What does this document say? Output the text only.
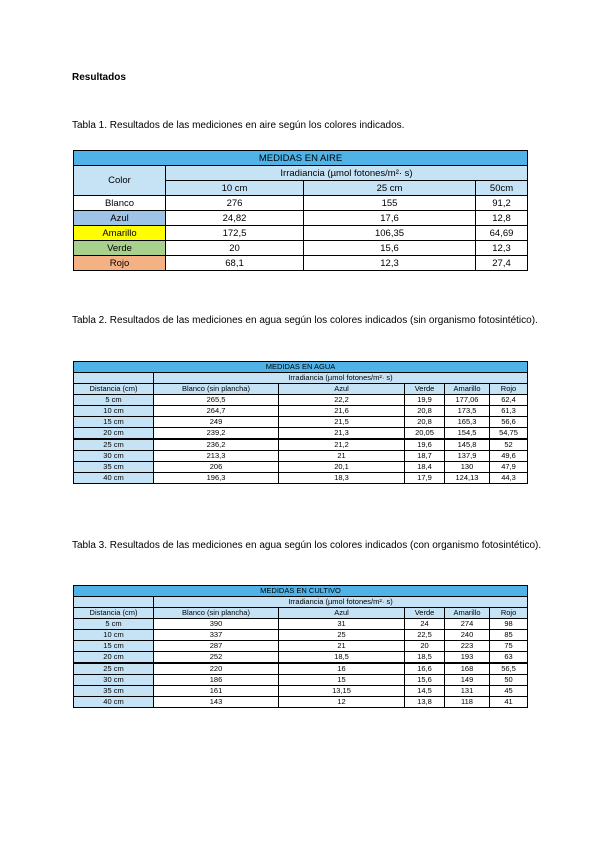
Resultados
Tabla 1. Resultados de las mediciones en aire según los colores indicados.
MEDIDAS EN AIRE			
Color	Irradiancia (µmol fotones/m²· s)		
	10 cm	25 cm	50cm
Blanco	276	155	91,2
Azul	24,82	17,6	12,8
Amarillo	172,5	106,35	64,69
Verde	20	15,6	12,3
Rojo	68,1	12,3	27,4
Tabla 2. Resultados de las mediciones en agua según los colores indicados (sin organismo fotosintético).
MEDIDAS EN AGUA					
	Irradiancia (µmol fotones/m²· s)				
Distancia (cm)	Blanco (sin plancha)	Azul	Verde	Amarillo	Rojo
5 cm	265,5	22,2	19,9	177,06	62,4
10 cm	264,7	21,6	20,8	173,5	61,3
15 cm	249	21,5	20,8	165,3	56,6
20 cm	239,2	21,3	20,05	154,5	54,75
25 cm	236,2	21,2	19,6	145,8	52
30 cm	213,3	21	18,7	137,9	49,6
35 cm	206	20,1	18,4	130	47,9
40 cm	196,3	18,3	17,9	124,13	44,3
Tabla 3. Resultados de las mediciones en agua según los colores indicados (con organismo fotosintético).
MEDIDAS EN CULTIVO					
	Irradiancia (µmol fotones/m²· s)				
Distancia (cm)	Blanco (sin plancha)	Azul	Verde	Amarillo	Rojo
5 cm	390	31	24	274	98
10 cm	337	25	22,5	240	85
15 cm	287	21	20	223	75
20 cm	252	18,5	18,5	193	63
25 cm	220	16	16,6	168	56,5
30 cm	186	15	15,6	149	50
35 cm	161	13,15	14,5	131	45
40 cm	143	12	13,8	118	41
